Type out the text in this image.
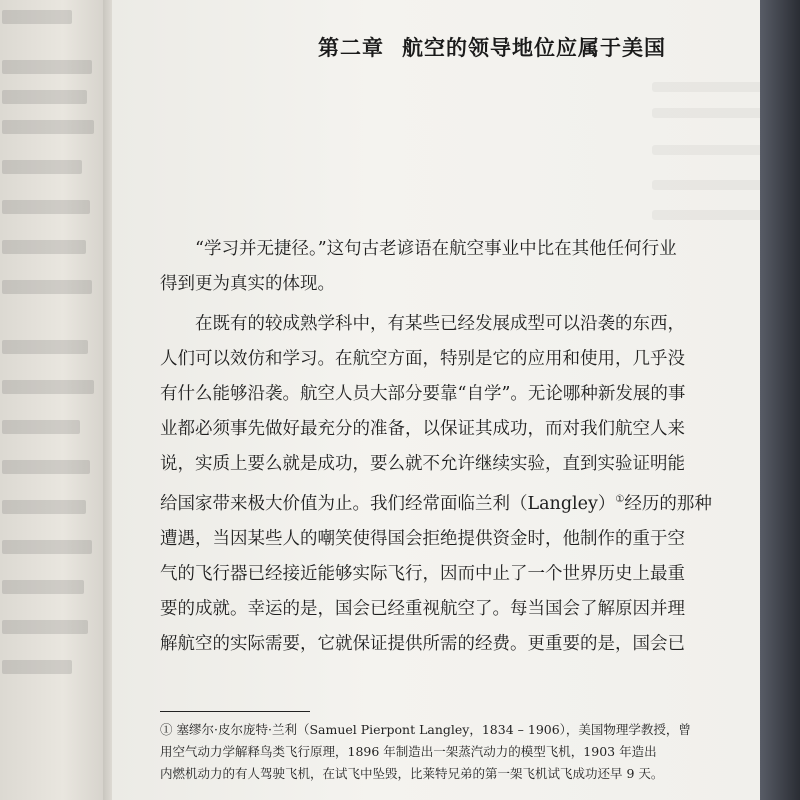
第二章 航空的领导地位应属于美国

“学习并无捷径。”这句古老谚语在航空事业中比在其他任何行业
得到更为真实的体现。

在既有的较成熟学科中，有某些已经发展成型可以沿袭的东西，
人们可以效仿和学习。在航空方面，特别是它的应用和使用，几乎没
有什么能够沿袭。航空人员大部分要靠“自学”。无论哪种新发展的事
业都必须事先做好最充分的准备，以保证其成功，而对我们航空人来
说，实质上要么就是成功，要么就不允许继续实验，直到实验证明能
给国家带来极大价值为止。我们经常面临兰利（Langley）①经历的那种
遭遇，当因某些人的嘲笑使得国会拒绝提供资金时，他制作的重于空
气的飞行器已经接近能够实际飞行，因而中止了一个世界历史上最重
要的成就。幸运的是，国会已经重视航空了。每当国会了解原因并理
解航空的实际需要，它就保证提供所需的经费。更重要的是，国会已

① 塞缪尔·皮尔庞特·兰利（Samuel Pierpont Langley，1834 – 1906），美国物理学教授，曾
用空气动力学解释鸟类飞行原理，1896 年制造出一架蒸汽动力的模型飞机，1903 年造出
内燃机动力的有人驾驶飞机，在试飞中坠毁，比莱特兄弟的第一架飞机试飞成功还早 9 天。
